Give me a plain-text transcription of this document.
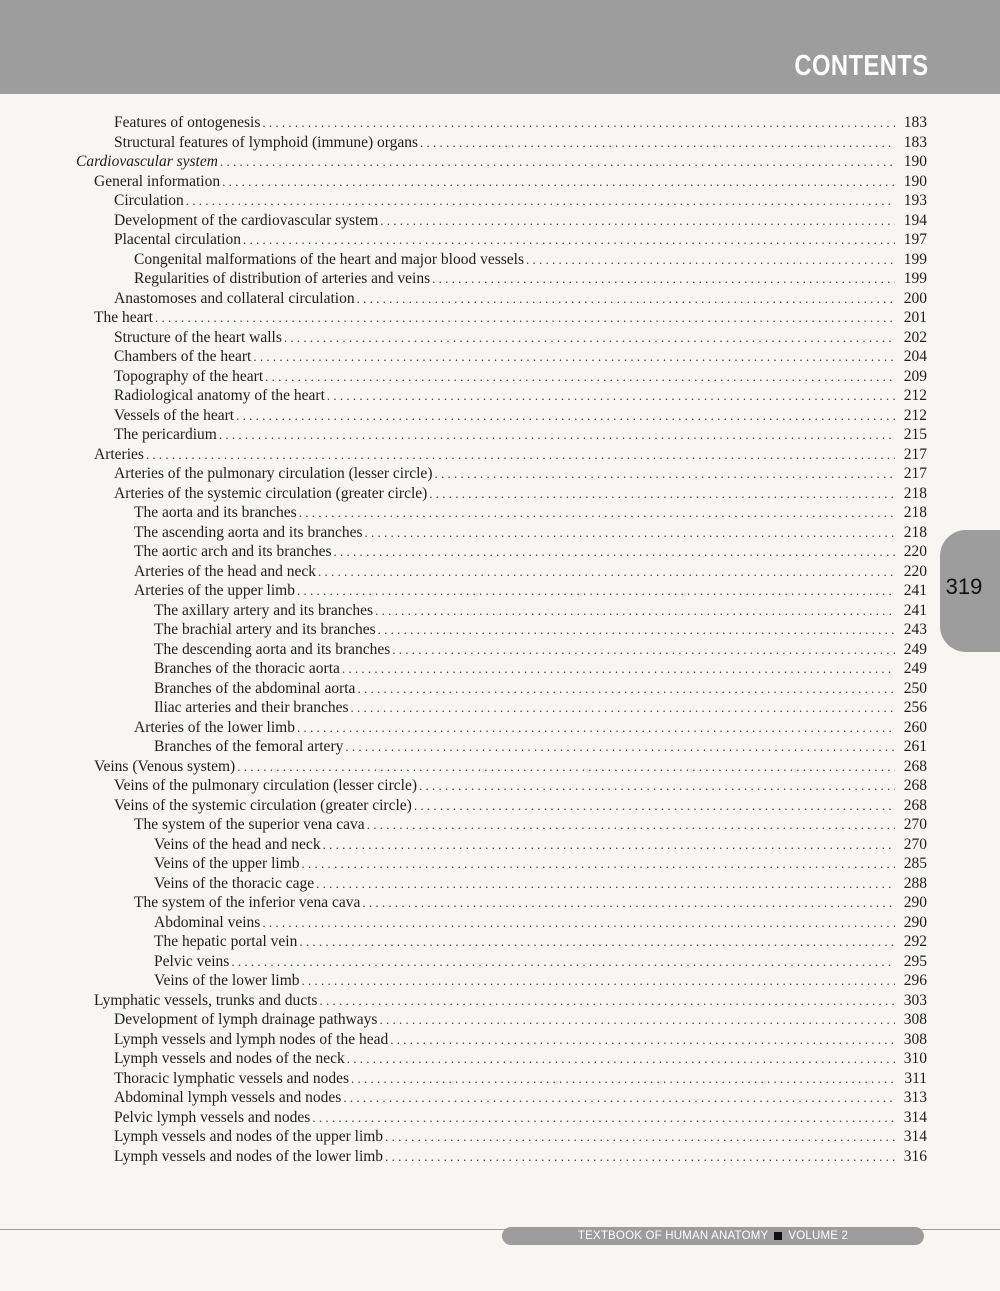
CONTENTS
319
Features of ontogenesis . . .	183
Structural features of lymphoid (immune) organs . . .	183
Cardiovascular system . . .	190
General information . . .	190
Circulation . . .	193
Development of the cardiovascular system . . .	194
Placental circulation . . .	197
Congenital malformations of the heart and major blood vessels . . .	199
Regularities of distribution of arteries and veins . . .	199
Anastomoses and collateral circulation . . .	200
The heart . . .	201
Structure of the heart walls . . .	202
Chambers of the heart . . .	204
Topography of the heart . . .	209
Radiological anatomy of the heart . . .	212
Vessels of the heart . . .	212
The pericardium . . .	215
Arteries . . .	217
Arteries of the pulmonary circulation (lesser circle) . . .	217
Arteries of the systemic circulation (greater circle) . . .	218
The aorta and its branches . . .	218
The ascending aorta and its branches . . .	218
The aortic arch and its branches . . .	220
Arteries of the head and neck . . .	220
Arteries of the upper limb . . .	241
The axillary artery and its branches . . .	241
The brachial artery and its branches . . .	243
The descending aorta and its branches . . .	249
Branches of the thoracic aorta . . .	249
Branches of the abdominal aorta . . .	250
Iliac arteries and their branches . . .	256
Arteries of the lower limb . . .	260
Branches of the femoral artery . . .	261
Veins (Venous system) . . .	268
Veins of the pulmonary circulation (lesser circle) . . .	268
Veins of the systemic circulation (greater circle) . . .	268
The system of the superior vena cava . . .	270
Veins of the head and neck . . .	270
Veins of the upper limb . . .	285
Veins of the thoracic cage . . .	288
The system of the inferior vena cava . . .	290
Abdominal veins . . .	290
The hepatic portal vein . . .	292
Pelvic veins . . .	295
Veins of the lower limb . . .	296
Lymphatic vessels, trunks and ducts . . .	303
Development of lymph drainage pathways . . .	308
Lymph vessels and lymph nodes of the head . . .	308
Lymph vessels and nodes of the neck . . .	310
Thoracic lymphatic vessels and nodes . . .	311
Abdominal lymph vessels and nodes . . .	313
Pelvic lymph vessels and nodes . . .	314
Lymph vessels and nodes of the upper limb . . .	314
Lymph vessels and nodes of the lower limb . . .	316
TEXTBOOK OF HUMAN ANATOMY VOLUME 2
